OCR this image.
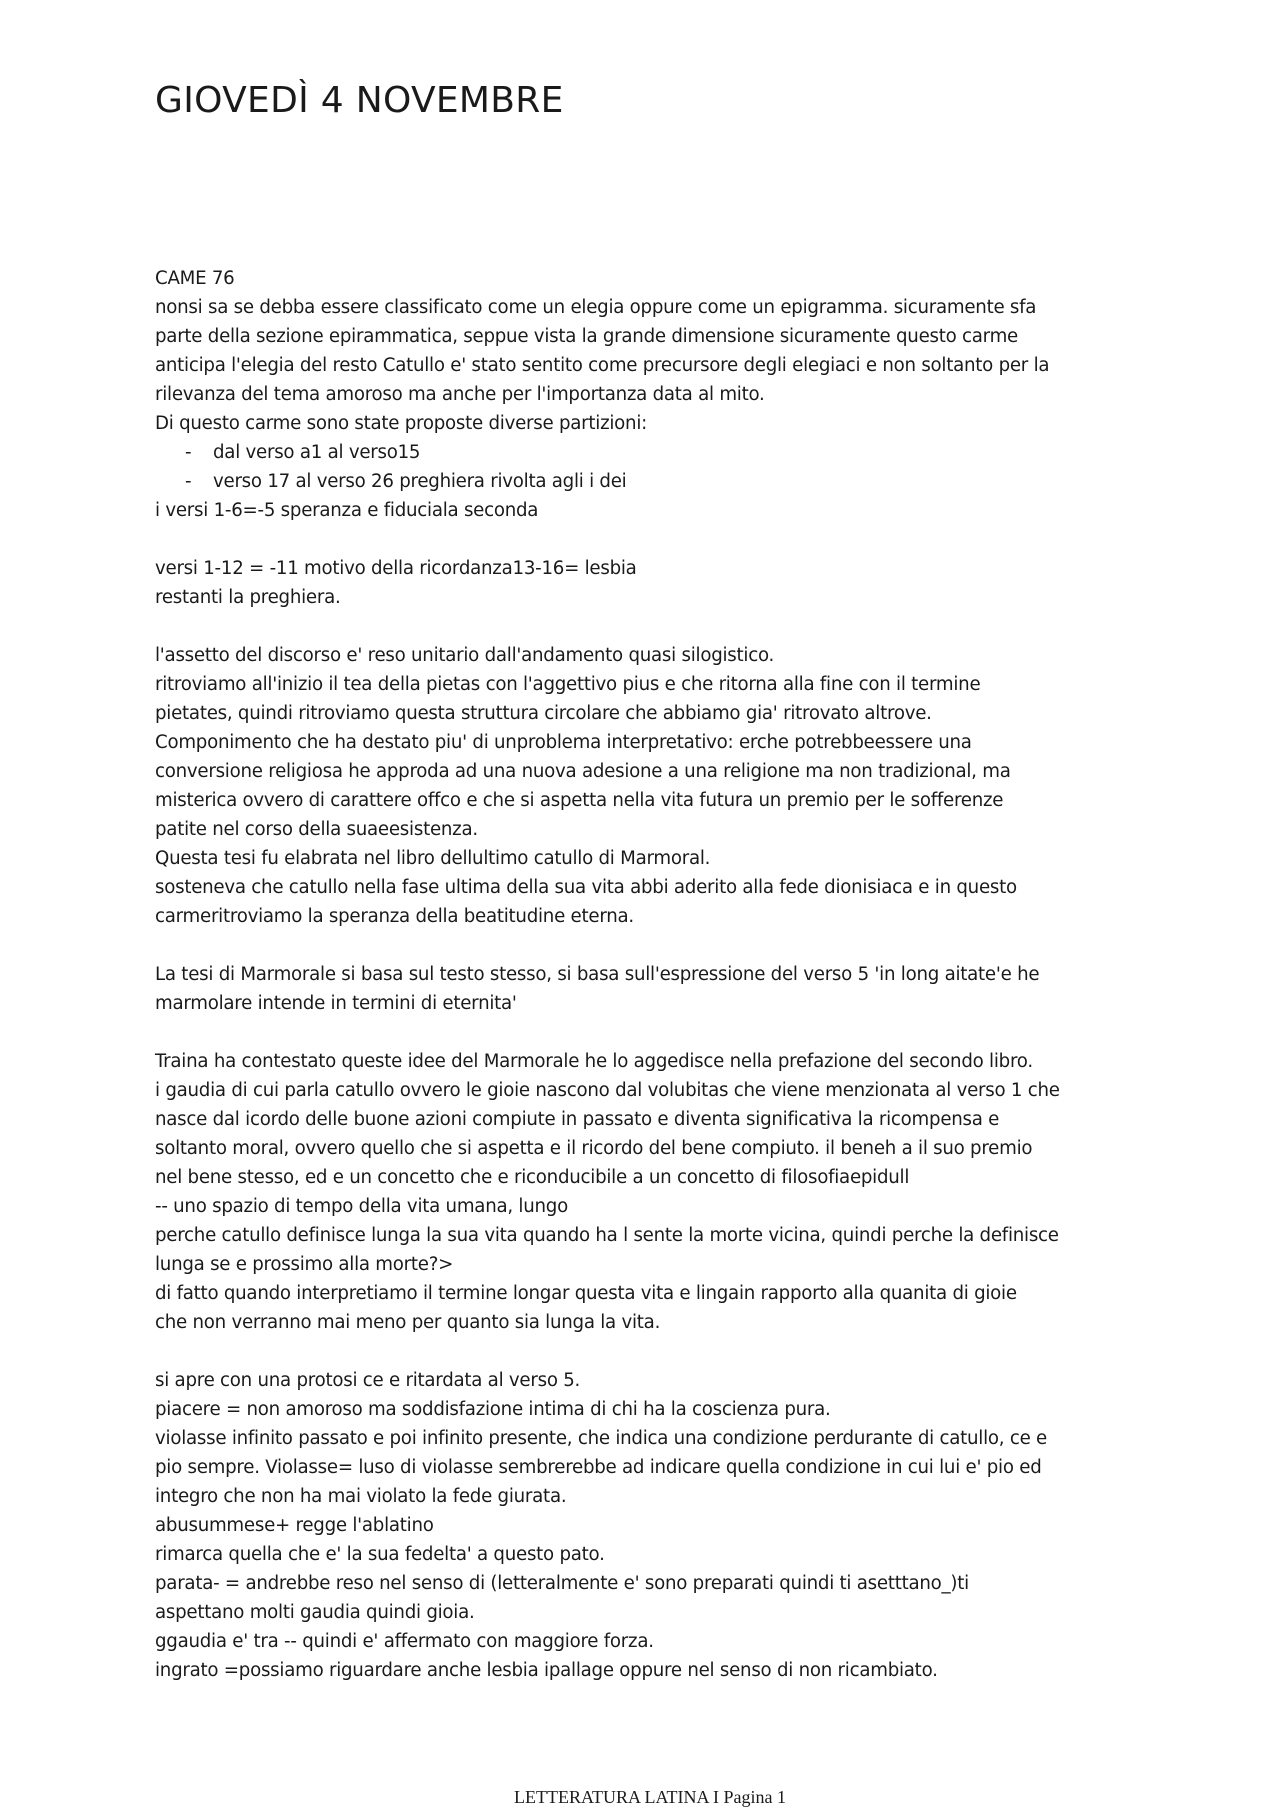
GIOVEDÌ 4 NOVEMBRE

CAME 76

nonsi sa se debba essere classificato come un elegia oppure come un epigramma. sicuramente sfa

parte della sezione epirammatica, seppue vista la grande dimensione sicuramente questo carme

anticipa l'elegia del resto Catullo e' stato sentito come precursore degli elegiaci e non soltanto per la

rilevanza del tema amoroso ma anche per l'importanza data al mito.

Di questo carme sono state proposte diverse partizioni:

- dal verso a1 al verso15
- verso 17 al verso 26 preghiera rivolta agli i dei

i versi 1-6=-5 speranza e fiduciala seconda

versi 1-12 = -11 motivo della ricordanza13-16= lesbia

restanti la preghiera.

l'assetto del discorso e' reso unitario dall'andamento quasi silogistico.

ritroviamo all'inizio il tea della pietas con l'aggettivo pius e che ritorna alla fine con il termine

pietates, quindi ritroviamo questa struttura circolare che abbiamo gia' ritrovato altrove.

Componimento che ha destato piu' di unproblema interpretativo: erche potrebbeessere una

conversione religiosa he approda ad una nuova adesione a una religione ma non tradizional, ma

misterica ovvero di carattere offco e che si aspetta nella vita futura un premio per le sofferenze

patite nel corso della suaeesistenza.

Questa tesi fu elabrata nel libro dellultimo catullo di Marmoral.

sosteneva che catullo nella fase ultima della sua vita abbi aderito alla fede dionisiaca e in questo

carmeritroviamo la speranza della beatitudine eterna.

La tesi di Marmorale si basa sul testo stesso, si basa sull'espressione del verso 5 'in long aitate'e he

marmolare intende in termini di eternita'

Traina ha contestato queste idee del Marmorale he lo aggedisce nella prefazione del secondo libro.

i gaudia di cui parla catullo ovvero le gioie nascono dal volubitas che viene menzionata al verso 1 che

nasce dal icordo delle buone azioni compiute in passato e diventa significativa la ricompensa e

soltanto moral, ovvero quello che si aspetta e il ricordo del bene compiuto. il beneh a il suo premio

nel bene stesso, ed e un concetto che e riconducibile a un concetto di filosofiaepidull

-- uno spazio di tempo della vita umana, lungo

perche catullo definisce lunga la sua vita quando ha l sente la morte vicina, quindi perche la definisce

lunga se e prossimo alla morte?>

di fatto quando interpretiamo il termine longar questa vita e lingain rapporto alla quanita di gioie

che non verranno mai meno per quanto sia lunga la vita.

si apre con una protosi ce e ritardata al verso 5.

piacere = non amoroso ma soddisfazione intima di chi ha la coscienza pura.

violasse infinito passato e poi infinito presente, che indica una condizione perdurante di catullo, ce e

pio sempre. Violasse= luso di violasse sembrerebbe ad indicare quella condizione in cui lui e' pio ed

integro che non ha mai violato la fede giurata.

abusummese+ regge l'ablatino

rimarca quella che e' la sua fedelta' a questo pato.

parata- = andrebbe reso nel senso di (letteralmente e' sono preparati quindi ti asetttano_)ti

aspettano molti gaudia quindi gioia.

ggaudia e' tra -- quindi e' affermato con maggiore forza.

ingrato =possiamo riguardare anche lesbia ipallage oppure nel senso di non ricambiato.

LETTERATURA LATINA I Pagina 1
